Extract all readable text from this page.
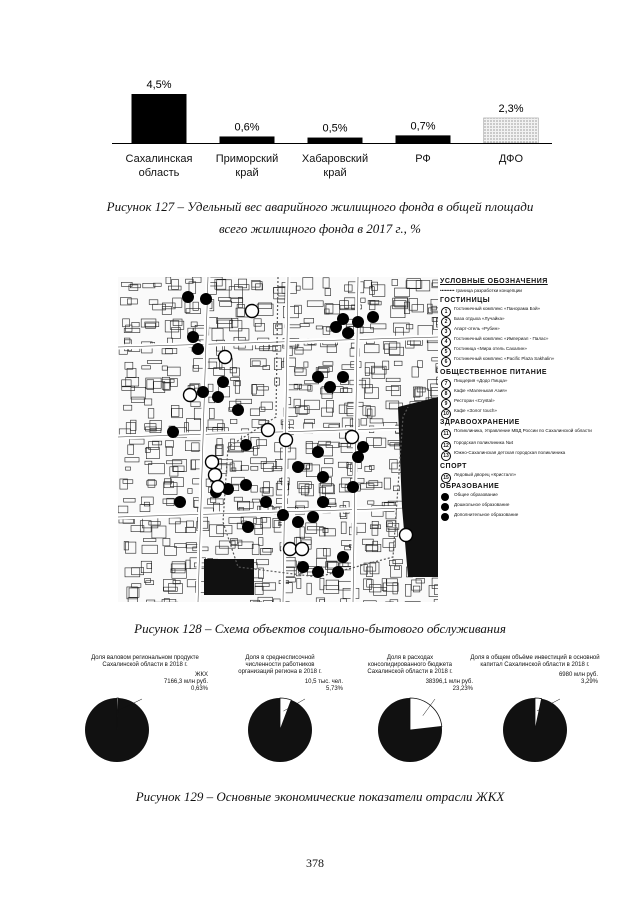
4,5%
0,6%	0,5%	0,7%
2,3%
Сахалинская
область
Приморский
край
Хабаровский
край
РФ	ДФО
Рисунок 127 – Удельный вес аварийного жилищного фонда в общей площади всего жилищного фонда в 2017 г., %
УСЛОВНЫЕ ОБОЗНАЧЕНИЯ
••••••••• граница разработки концепции
ГОСТИНИЦЫ
1
Гостиничный комплекс «Панорама Бэй»
2
База отдыха «Лучайка»
3
Апарт-отель «Рубин»
4
Гостиничный комплекс «Империал - Палас»
5
Гостиница «Мира отель Сахалин»
6
Гостиничный комплекс «Pacific Plaza Sakhalin»
ОБЩЕСТВЕННОЕ ПИТАНИЕ
7
Пиццерия «Додо Пицца»
8
Кафе «Маленькая Азия»
9
Ресторан «Crystal»
10
Кафе «Золот touch»
ЗДРАВООХРАНЕНИЕ
11
Поликлиника, Управление МВД России по Сахалинской области
12
Городская поликлиника №4
13
Южно-Сахалинская детская городская поликлиника
СПОРТ
15
Ледовый дворец «Кристалл»
ОБРАЗОВАНИЕ
Общее образование
Дошкольное образование
Дополнительное образование
Рисунок 128 – Схема объектов социально-бытового обслуживания
Доля валовом региональном продукте
Сахалинской области в 2018 г.
ЖКХ
7166,3 млн руб.
0,63%
Доля в среднесписочной
численности работников
организаций региона в 2018 г.
10,5 тыс. чел.
5,73%
Доля в расходах
консолидированного бюджета
Сахалинской области в 2018 г.
38396,1 млн руб.
23,23%
Доля в общем объёме инвестиций в основной
капитал Сахалинской области в 2018 г.
6980 млн руб.
3,29%
Рисунок 129 – Основные экономические показатели отрасли ЖКХ
378
